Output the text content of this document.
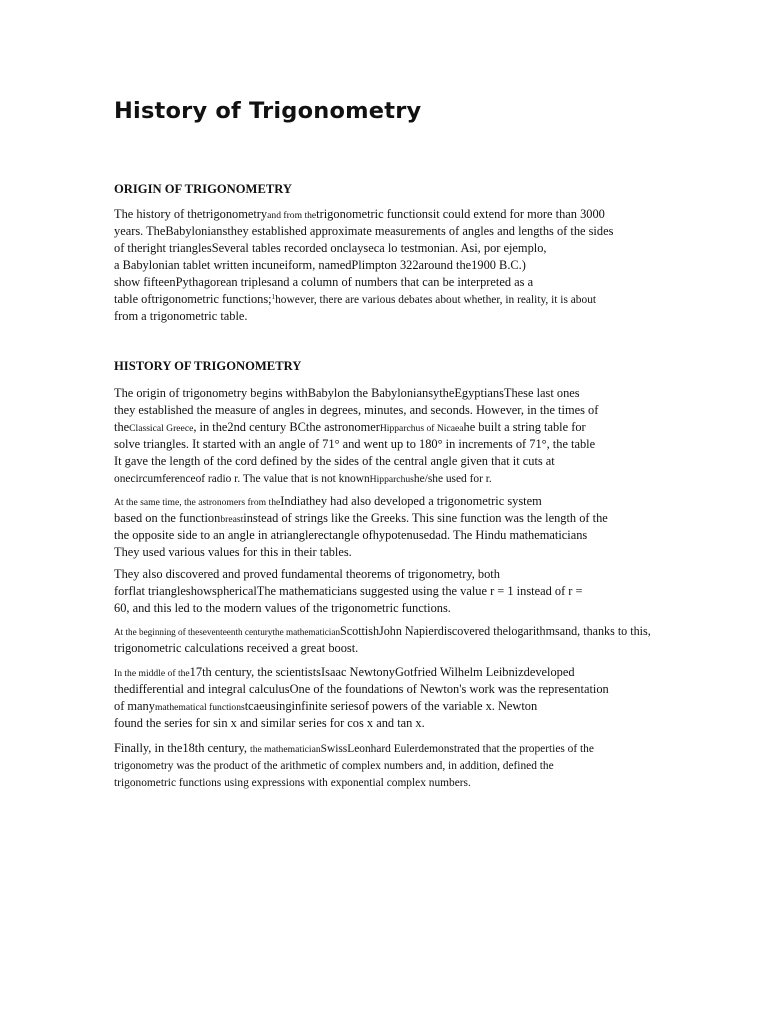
History of Trigonometry
ORIGIN OF TRIGONOMETRY
The history of thetrigonometryand from thetrigonometric functionsit could extend for more than 3000
years. TheBabyloniansthey established approximate measurements of angles and lengths of the sides
of theright trianglesSeveral tables recorded onclayseca lo testmonian. Asi, por ejemplo,
a Babylonian tablet written incuneiform, namedPlimpton 322around the1900 B.C.)
show fifteenPythagorean triplesand a column of numbers that can be interpreted as a
table oftrigonometric functions;$^1$however, there are various debates about whether, in reality, it is about
from a trigonometric table.
HISTORY OF TRIGONOMETRY
The origin of trigonometry begins withBabylon the BabyloniansytheEgyptiansThese last ones
they established the measure of angles in degrees, minutes, and seconds. However, in the times of
theClassical Greece, in the2nd century BCthe astronomerHipparchus of Nicaeahe built a string table for
solve triangles. It started with an angle of 71° and went up to 180° in increments of 71°, the table
It gave the length of the cord defined by the sides of the central angle given that it cuts at
onecircumferenceof radio r. The value that is not knownHipparchushe/she used for r.
At the same time, the astronomers from theIndiathey had also developed a trigonometric system
based on the functionbreastinstead of strings like the Greeks. This sine function was the length of the
the opposite side to an angle in atrianglerectangle ofhypotenusedad. The Hindu mathematicians
They used various values for this in their tables.
They also discovered and proved fundamental theorems of trigonometry, both
forflat triangleshowsphericalThe mathematicians suggested using the value r = 1 instead of r =
60, and this led to the modern values of the trigonometric functions.
At the beginning of theseventeenth centurythe mathematicianScottishJohn Napierdiscovered thelogarithmsand, thanks to this,
trigonometric calculations received a great boost.
In the middle of the17th century, the scientistsIsaac NewtonyGotfried Wilhelm Leibnizdeveloped
thedifferential and integral calculusOne of the foundations of Newton's work was the representation
of manymathematical functionstcaeusinginfinite seriesof powers of the variable x. Newton
found the series for sin x and similar series for cos x and tan x.
Finally, in the18th century, the mathematicianSwissLeonhard Eulerdemonstrated that the properties of the
trigonometry was the product of the arithmetic of complex numbers and, in addition, defined the
trigonometric functions using expressions with exponential complex numbers.
